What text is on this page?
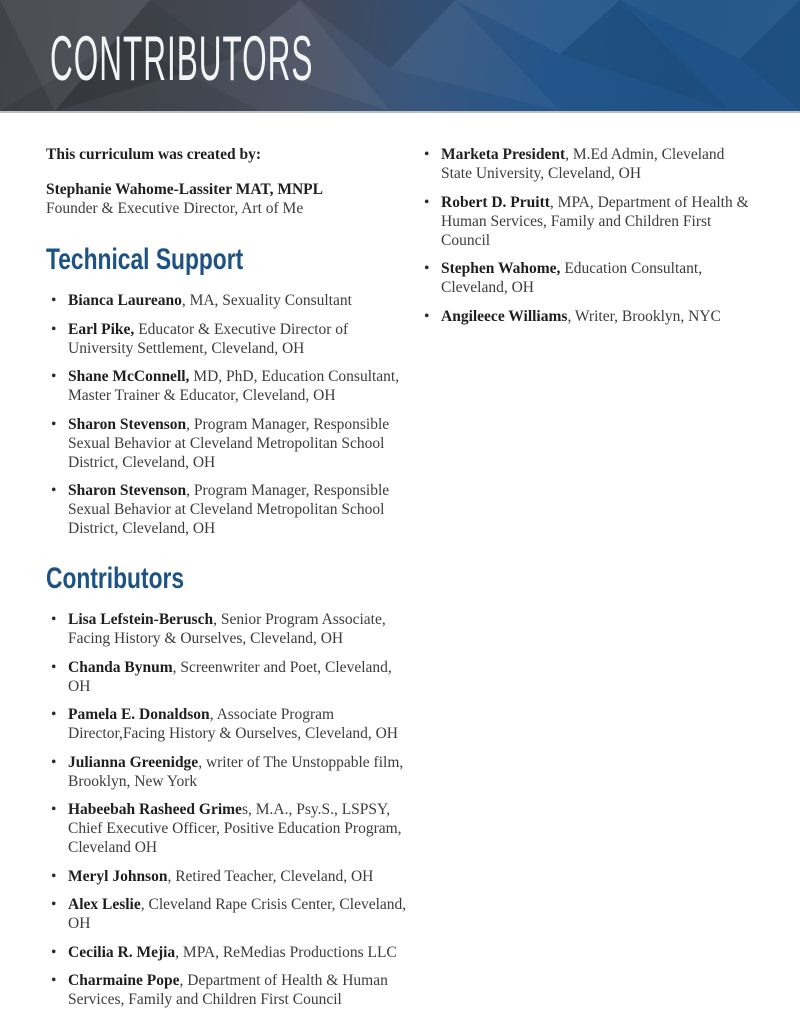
CONTRIBUTORS

This curriculum was created by:

Stephanie Wahome-Lassiter MAT, MNPL
Founder & Executive Director, Art of Me
Technical Support
• Bianca Laureano, MA, Sexuality Consultant
• Earl Pike, Educator & Executive Director of University Settlement, Cleveland, OH
• Shane McConnell, MD, PhD, Education Consultant, Master Trainer & Educator, Cleveland, OH
• Sharon Stevenson, Program Manager, Responsible Sexual Behavior at Cleveland Metropolitan School District, Cleveland, OH
• Sharon Stevenson, Program Manager, Responsible Sexual Behavior at Cleveland Metropolitan School District, Cleveland, OH
Contributors
• Lisa Lefstein-Berusch, Senior Program Associate, Facing History & Ourselves, Cleveland, OH
• Chanda Bynum, Screenwriter and Poet, Cleveland, OH
• Pamela E. Donaldson, Associate Program Director,Facing History & Ourselves, Cleveland, OH
• Julianna Greenidge, writer of The Unstoppable film, Brooklyn, New York
• Habeebah Rasheed Grimes, M.A., Psy.S., LSPSY, Chief Executive Officer, Positive Education Program, Cleveland OH
• Meryl Johnson, Retired Teacher, Cleveland, OH
• Alex Leslie, Cleveland Rape Crisis Center, Cleveland, OH
• Cecilia R. Mejia, MPA, ReMedias Productions LLC
• Charmaine Pope, Department of Health & Human Services, Family and Children First Council
• Marketa President, M.Ed Admin, Cleveland State University, Cleveland, OH
• Robert D. Pruitt, MPA, Department of Health & Human Services, Family and Children First Council
• Stephen Wahome, Education Consultant, Cleveland, OH
• Angileece Williams, Writer, Brooklyn, NYC
